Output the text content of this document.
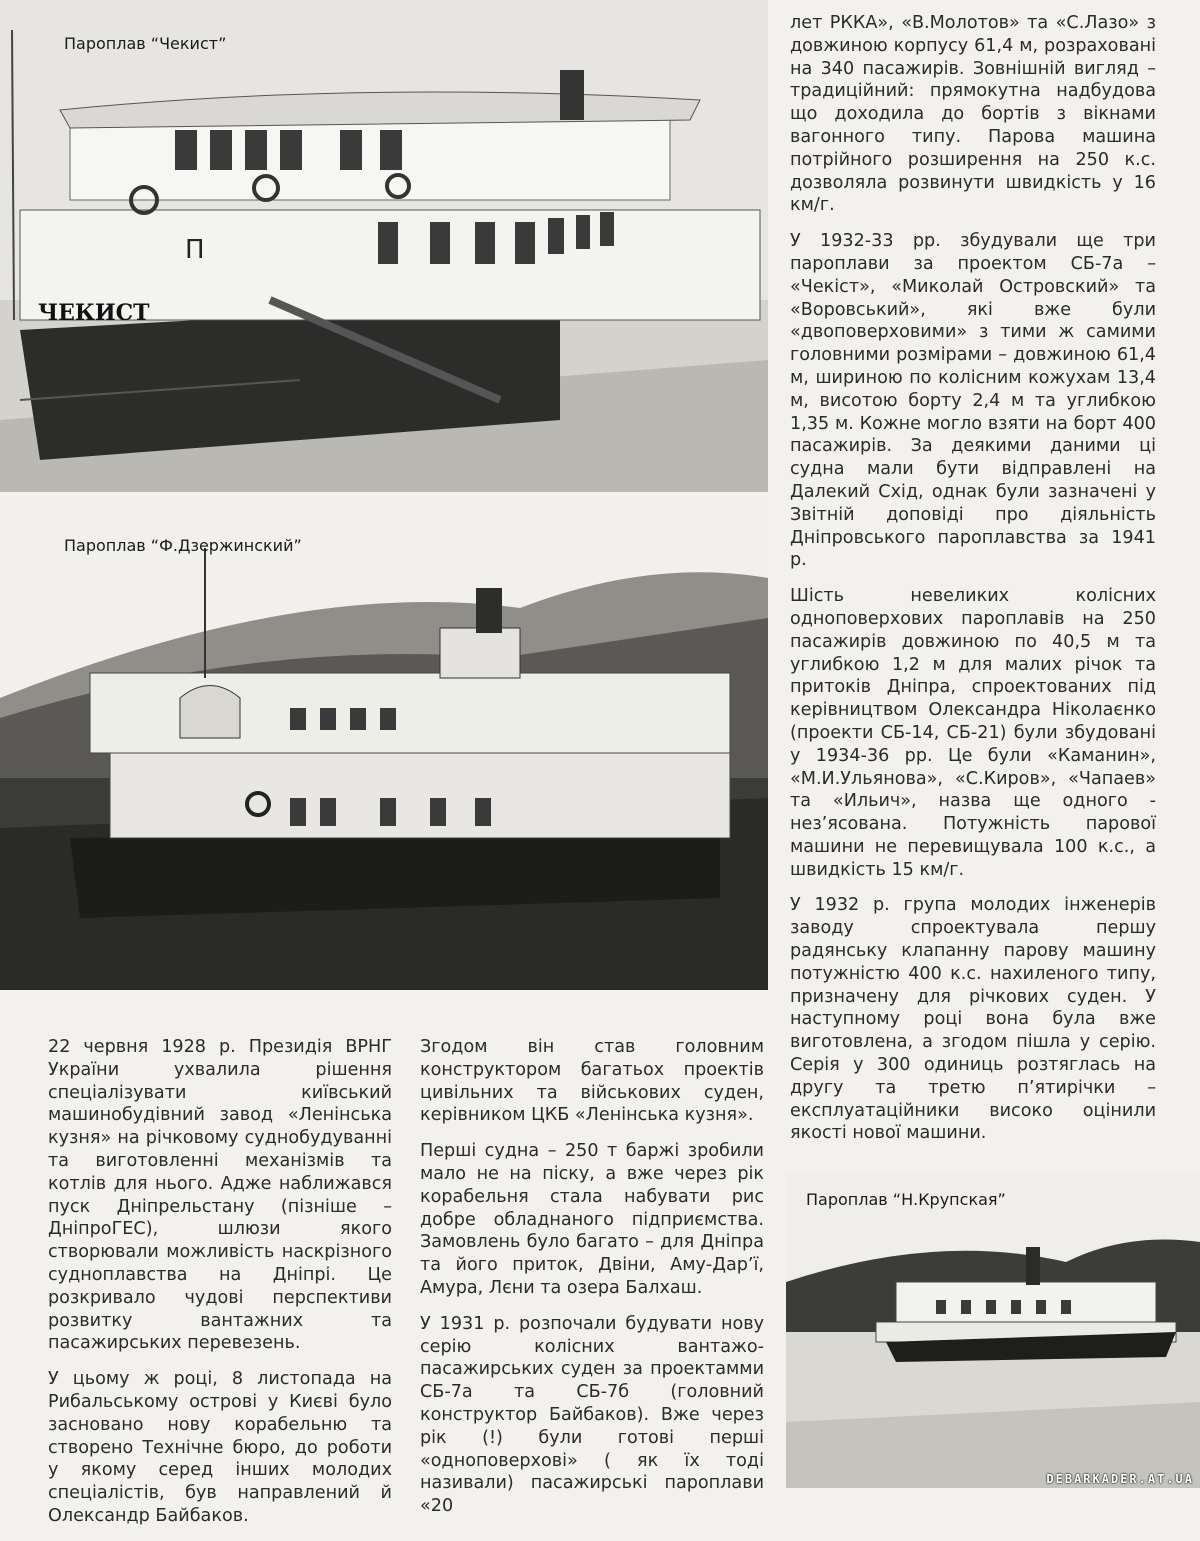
ЧЕКИСТ
П
Пароплав “Чекист”
Пароплав “Ф.Дзержинский”
DEBARKADER.AT.UA
Пароплав “Н.Крупская”

лет РККА», «В.Молотов» та «С.Лазо» з довжиною корпусу 61,4 м, розраховані на 340 пасажирів. Зовнішній вигляд – традиційний: прямокутна надбудова що доходила до бортів з вікнами вагонного типу. Парова машина потрійного розширення на 250 к.с. дозволяла розвинути швидкість у 16 км/г.

У 1932-33 рр. збудували ще три пароплави за проектом СБ-7а – «Чекіст», «Миколай Островский» та «Воровський», які вже були «двоповерховими» з тими ж самими головними розмірами – довжиною 61,4 м, шириною по колісним кожухам 13,4 м, висотою борту 2,4 м та углибкою 1,35 м. Кожне могло взяти на борт 400 пасажирів. За деякими даними ці судна мали бути відправлені на Далекий Схід, однак були зазначені у Звітній доповіді про діяльність Дніпровського пароплавства за 1941 р.

Шість невеликих колісних одноповерхових пароплавів на 250 пасажирів довжиною по 40,5 м та углибкою 1,2 м для малих річок та притоків Дніпра, спроектованих під керівництвом Олександра Ніколаєнко (проекти СБ-14, СБ-21) були збудовані у 1934-36 рр. Це були «Каманин», «М.И.Ульянова», «С.Киров», «Чапаев» та «Ильич», назва ще одного - нез’ясована. Потужність парової машини не перевищувала 100 к.с., а швидкість 15 км/г.

У 1932 р. група молодих інженерів заводу спроектувала першу радянську клапанну парову машину потужністю 400 к.с. нахиленого типу, призначену для річкових суден. У наступному році вона була вже виготовлена, а згодом пішла у серію. Серія у 300 одиниць розтяглась на другу та третю п’ятирічки – експлуатаційники високо оцінили якості нової машини.

22 червня 1928 р. Президія ВРНГ України ухвалила рішення спеціалізувати київський машинобудівний завод «Ленінська кузня» на річковому суднобудуванні та виготовленні механізмів та котлів для нього. Адже наближався пуск Дніпрельстану (пізніше – ДніпроГЕС), шлюзи якого створювали можливість наскрізного судноплавства на Дніпрі. Це розкривало чудові перспективи розвитку вантажних та пасажирських перевезень.

У цьому ж році, 8 листопада на Рибальському острові у Києві було засновано нову корабельню та створено Технічне бюро, до роботи у якому серед інших молодих спеціалістів, був направлений й Олександр Байбаков.

Згодом він став головним конструктором багатьох проектів цивільних та військових суден, керівником ЦКБ «Ленінська кузня».

Перші судна – 250 т баржі зробили мало не на піску, а вже через рік корабельня стала набувати рис добре обладнаного підприємства. Замовлень було багато – для Дніпра та його приток, Двіни, Аму-Дар’ї, Амура, Лєни та озера Балхаш.

У 1931 р. розпочали будувати нову серію колісних вантажо-пасажирських суден за проектамми СБ-7а та СБ-7б (головний конструктор Байбаков). Вже через рік (!) були готові перші «одноповерхові» ( як їх тоді називали) пасажирські пароплави «20
